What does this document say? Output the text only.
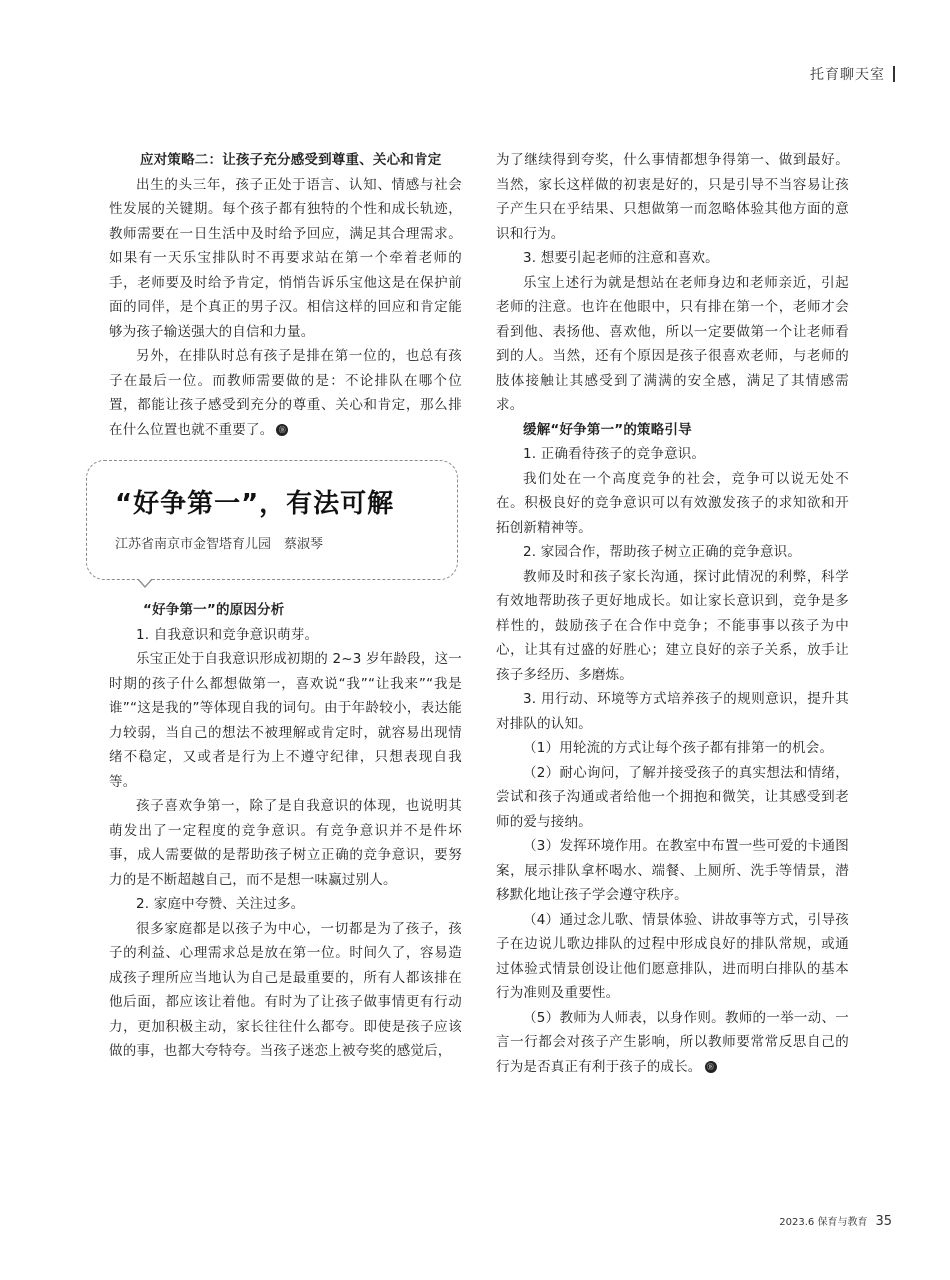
托育聊天室

应对策略二：让孩子充分感受到尊重、关心和肯定

出生的头三年，孩子正处于语言、认知、情感与社会性发展的关键期。每个孩子都有独特的个性和成长轨迹，教师需要在一日生活中及时给予回应，满足其合理需求。如果有一天乐宝排队时不再要求站在第一个牵着老师的手，老师要及时给予肯定，悄悄告诉乐宝他这是在保护前面的同伴，是个真正的男子汉。相信这样的回应和肯定能够为孩子输送强大的自信和力量。

另外，在排队时总有孩子是排在第一位的，也总有孩子在最后一位。而教师需要做的是：不论排队在哪个位置，都能让孩子感受到充分的尊重、关心和肯定，那么排在什么位置也就不重要了。 ⑱

“好争第一”，有法可解
江苏省南京市金智塔育儿园　蔡淑琴

“好争第一”的原因分析

1. 自我意识和竞争意识萌芽。

乐宝正处于自我意识形成初期的 2~3 岁年龄段，这一时期的孩子什么都想做第一，喜欢说“我”“让我来”“我是谁”“这是我的”等体现自我的词句。由于年龄较小，表达能力较弱，当自己的想法不被理解或肯定时，就容易出现情绪不稳定，又或者是行为上不遵守纪律，只想表现自我等。

孩子喜欢争第一，除了是自我意识的体现，也说明其萌发出了一定程度的竞争意识。有竞争意识并不是件坏事，成人需要做的是帮助孩子树立正确的竞争意识，要努力的是不断超越自己，而不是想一味赢过别人。

2. 家庭中夸赞、关注过多。

很多家庭都是以孩子为中心，一切都是为了孩子，孩子的利益、心理需求总是放在第一位。时间久了，容易造成孩子理所应当地认为自己是最重要的，所有人都该排在他后面，都应该让着他。有时为了让孩子做事情更有行动力，更加积极主动，家长往往什么都夸。即使是孩子应该做的事，也都大夸特夸。当孩子迷恋上被夸奖的感觉后，

为了继续得到夸奖，什么事情都想争得第一、做到最好。当然，家长这样做的初衷是好的，只是引导不当容易让孩子产生只在乎结果、只想做第一而忽略体验其他方面的意识和行为。

3. 想要引起老师的注意和喜欢。

乐宝上述行为就是想站在老师身边和老师亲近，引起老师的注意。也许在他眼中，只有排在第一个，老师才会看到他、表扬他、喜欢他，所以一定要做第一个让老师看到的人。当然，还有个原因是孩子很喜欢老师，与老师的肢体接触让其感受到了满满的安全感，满足了其情感需求。

缓解“好争第一”的策略引导

1. 正确看待孩子的竞争意识。

我们处在一个高度竞争的社会，竞争可以说无处不在。积极良好的竞争意识可以有效激发孩子的求知欲和开拓创新精神等。

2. 家园合作，帮助孩子树立正确的竞争意识。

教师及时和孩子家长沟通，探讨此情况的利弊，科学有效地帮助孩子更好地成长。如让家长意识到，竞争是多样性的，鼓励孩子在合作中竞争；不能事事以孩子为中心，让其有过盛的好胜心；建立良好的亲子关系，放手让孩子多经历、多磨炼。

3. 用行动、环境等方式培养孩子的规则意识，提升其对排队的认知。

（1）用轮流的方式让每个孩子都有排第一的机会。

（2）耐心询问，了解并接受孩子的真实想法和情绪，尝试和孩子沟通或者给他一个拥抱和微笑，让其感受到老师的爱与接纳。

（3）发挥环境作用。在教室中布置一些可爱的卡通图案，展示排队拿杯喝水、端餐、上厕所、洗手等情景，潜移默化地让孩子学会遵守秩序。

（4）通过念儿歌、情景体验、讲故事等方式，引导孩子在边说儿歌边排队的过程中形成良好的排队常规，或通过体验式情景创设让他们愿意排队，进而明白排队的基本行为准则及重要性。

（5）教师为人师表，以身作则。教师的一举一动、一言一行都会对孩子产生影响，所以教师要常常反思自己的行为是否真正有利于孩子的成长。 ⑱

2023.6 保育与教育 35
